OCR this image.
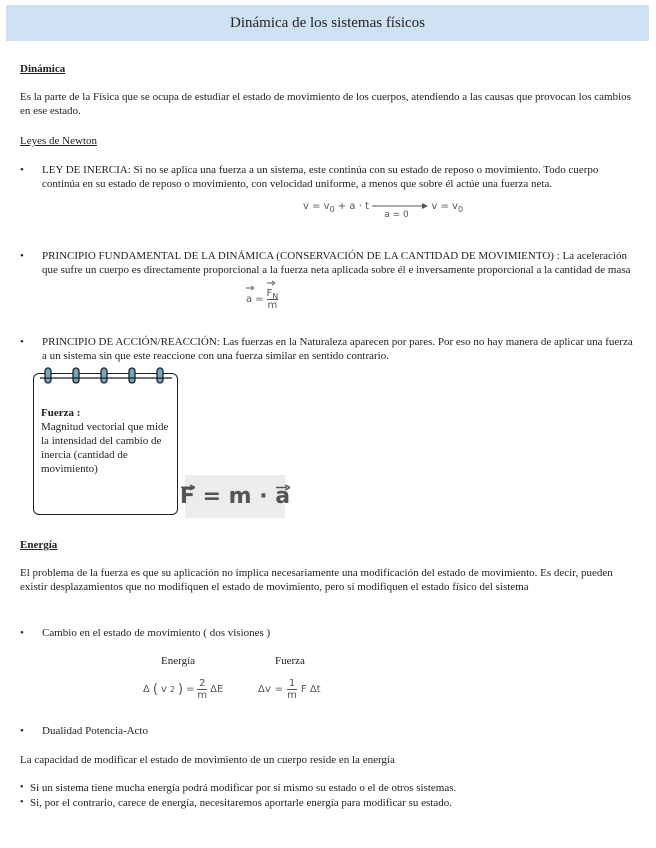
Dinámica de los sistemas físicos
Dinámica
Es la parte de la Física que se ocupa de estudiar el estado de movimiento de los cuerpos, atendiendo a las causas que provocan los cambios en ese estado.
Leyes de Newton
• LEY DE INERCIA: Si no se aplica una fuerza a un sistema, este continúa con su estado de reposo o movimiento. Todo cuerpo continúa en su estado de reposo o movimiento, con velocidad uniforme, a menos que sobre él actúe una fuerza neta.
$v = v_0 + a \cdot t$
a = 0
$v = v_0$
• PRINCIPIO FUNDAMENTAL DE LA DINÁMICA (CONSERVACIÓN DE LA CANTIDAD DE MOVIMIENTO) : La aceleración que sufre un cuerpo es directamente proporcional a la fuerza neta aplicada sobre él e inversamente proporcional a la cantidad de masa
$a = \frac{F_N}{m}$
• PRINCIPIO DE ACCIÓN/REACCIÓN: Las fuerzas en la Naturaleza aparecen por pares. Por eso no hay manera de aplicar una fuerza a un sistema sin que este reaccione con una fuerza similar en sentido contrario.
Fuerza :
Magnitud vectorial que mide la intensidad del cambio de inercia (cantidad de movimiento)
F = m · a
Energía
El problema de la fuerza es que su aplicación no implica necesariamente una modificación del estado de movimiento. Es decir, pueden existir desplazamientos que no modifiquen el estado de movimiento, pero sí modifiquen el estado físico del sistema
• Cambio en el estado de movimiento ( dos visiones )
Energía	Fuerza
Δ ( v 2 ) = $\frac{2}{m}$ ΔE	$\Delta v = \frac{1}{m}$ F Δt
• Dualidad Potencia-Acto
La capacidad de modificar el estado de movimiento de un cuerpo reside en la energía
• Si un sistema tiene mucha energía podrá modificar por sí mismo su estado o el de otros sistemas.
• Si, por el contrario, carece de energía, necesitaremos aportarle energía para modificar su estado.
